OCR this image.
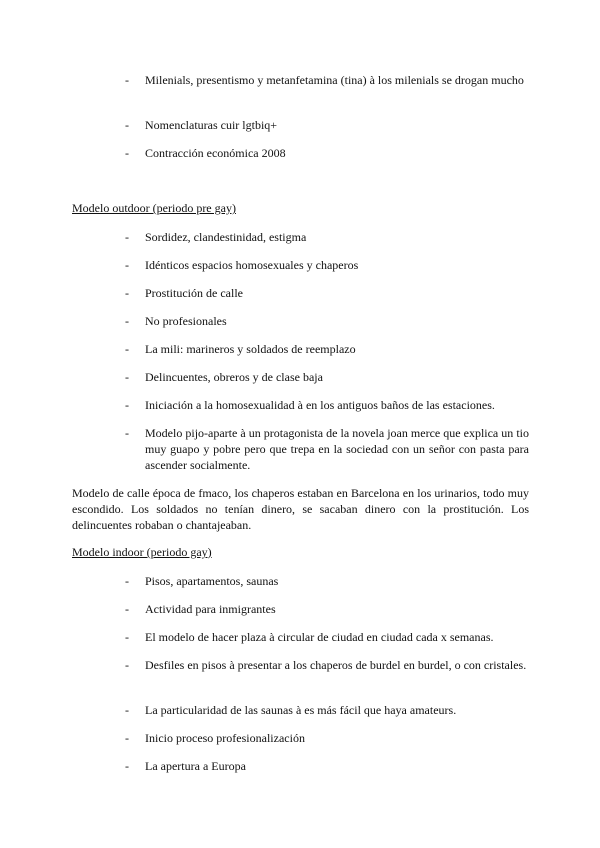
- Milenials, presentismo y metanfetamina (tina) à los milenials se drogan mucho
- Nomenclaturas cuir lgtbiq+
- Contracción económica 2008
Modelo outdoor (periodo pre gay)
- Sordidez, clandestinidad, estigma
- Idénticos espacios homosexuales y chaperos
- Prostitución de calle
- No profesionales
- La mili: marineros y soldados de reemplazo
- Delincuentes, obreros y de clase baja
- Iniciación a la homosexualidad à en los antiguos baños de las estaciones.
- Modelo pijo-aparte à un protagonista de la novela joan merce que explica un tio muy guapo y pobre pero que trepa en la sociedad con un señor con pasta para ascender socialmente.
Modelo de calle época de fmaco, los chaperos estaban en Barcelona en los urinarios, todo muy escondido. Los soldados no tenían dinero, se sacaban dinero con la prostitución. Los delincuentes robaban o chantajeaban.
Modelo indoor (periodo gay)
- Pisos, apartamentos, saunas
- Actividad para inmigrantes
- El modelo de hacer plaza à circular de ciudad en ciudad cada x semanas.
- Desfiles en pisos à presentar a los chaperos de burdel en burdel, o con cristales.
- La particularidad de las saunas à es más fácil que haya amateurs.
- Inicio proceso profesionalización
- La apertura a Europa
